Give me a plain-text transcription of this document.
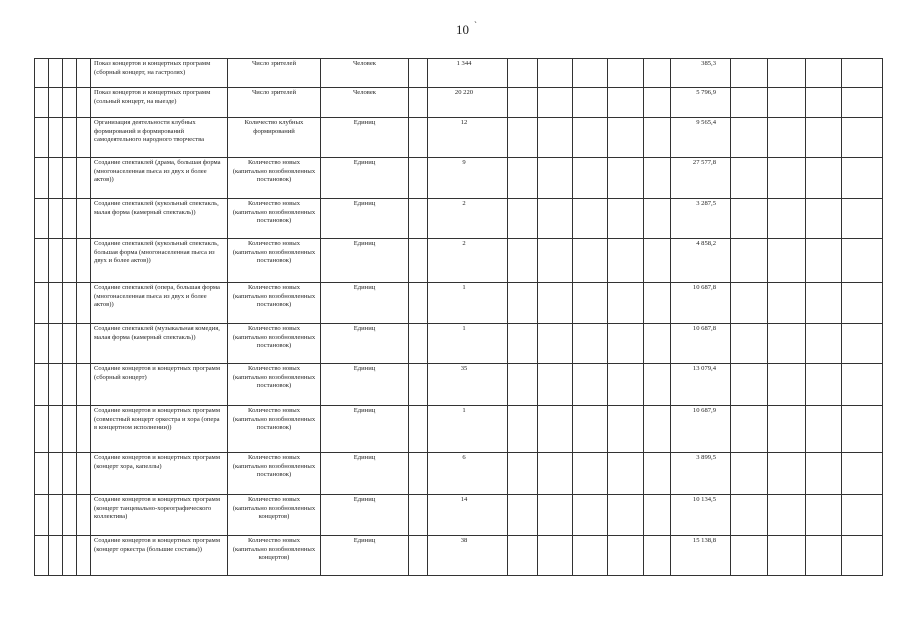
10 `
				Показ концертов и концертных программ (сборный концерт, на гастролях)	Число зрителей	Человек		1 344						385,3				
				Показ концертов и концертных программ (сольный концерт, на выезде)	Число зрителей	Человек		20 220						5 796,9				
				Организация деятельности клубных формирований и формирований самодеятельного народного творчества	Количество клубных формирований	Единиц		12						9 565,4				
				Создание спектаклей (драма, большая форма (многонаселенная пьеса из двух и более актов))	Количество новых (капитально возобновленных постановок)	Единиц		9						27 577,8				
				Создание спектаклей (кукольный спектакль, малая форма (камерный спектакль))	Количество новых (капитально возобновленных постановок)	Единиц		2						3 287,5				
				Создание спектаклей (кукольный спектакль, большая форма (многонаселенная пьеса из двух и более актов))	Количество новых (капитально возобновленных постановок)	Единиц		2						4 858,2				
				Создание спектаклей (опера, большая форма (многонаселенная пьеса из двух и более актов))	Количество новых (капитально возобновленных постановок)	Единиц		1						10 687,8				
				Создание спектаклей (музыкальная комедия, малая форма (камерный спектакль))	Количество новых (капитально возобновленных постановок)	Единиц		1						10 687,8				
				Создание концертов и концертных программ (сборный концерт)	Количество новых (капитально возобновленных постановок)	Единиц		35						13 079,4				
				Создание концертов и концертных программ (совместный концерт оркестра и хора (опера в концертном исполнении))	Количество новых (капитально возобновленных постановок)	Единиц		1						10 687,9				
				Создание концертов и концертных программ (концерт хора, капеллы)	Количество новых (капитально возобновленных постановок)	Единиц		6						3 899,5				
				Создание концертов и концертных программ (концерт танцевально-хореографического коллектива)	Количество новых (капитально возобновленных концертов)	Единиц		14						10 134,5				
				Создание концертов и концертных программ (концерт оркестра (большие составы))	Количество новых (капитально возобновленных концертов)	Единиц		38						15 138,8				
